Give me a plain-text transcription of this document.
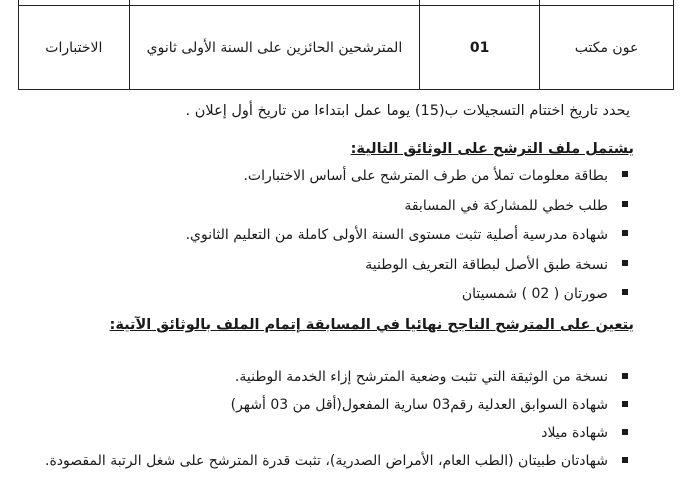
عون مكتب	01	المترشحين الحائزين على السنة الأولى ثانوي	الاختبارات
يحدد تاريخ اختتام التسجيلات ب(15) يوما عمل ابتداءا من تاريخ أول إعلان .
يشتمل ملف الترشح على الوثائق التالية:
بطاقة معلومات تملأ من طرف المترشح على أساس الاختبارات.
طلب خطي للمشاركة في المسابقة
شهادة مدرسية أصلية تثبت مستوى السنة الأولى كاملة من التعليم الثانوي.
نسخة طبق الأصل لبطاقة التعريف الوطنية
صورتان ( 02 ) شمسيتان
يتعين على المترشح الناجح نهائيا في المسابقة إتمام الملف بالوثائق الآتية:
نسخة من الوثيقة التي تثبت وضعية المترشح إزاء الخدمة الوطنية.
شهادة السوابق العدلية رقم03 سارية المفعول(أقل من 03 أشهر)
شهادة ميلاد
شهادتان طبيتان (الطب العام، الأمراض الصدرية)، تثبت قدرة المترشح على شغل الرتبة المقصودة.
